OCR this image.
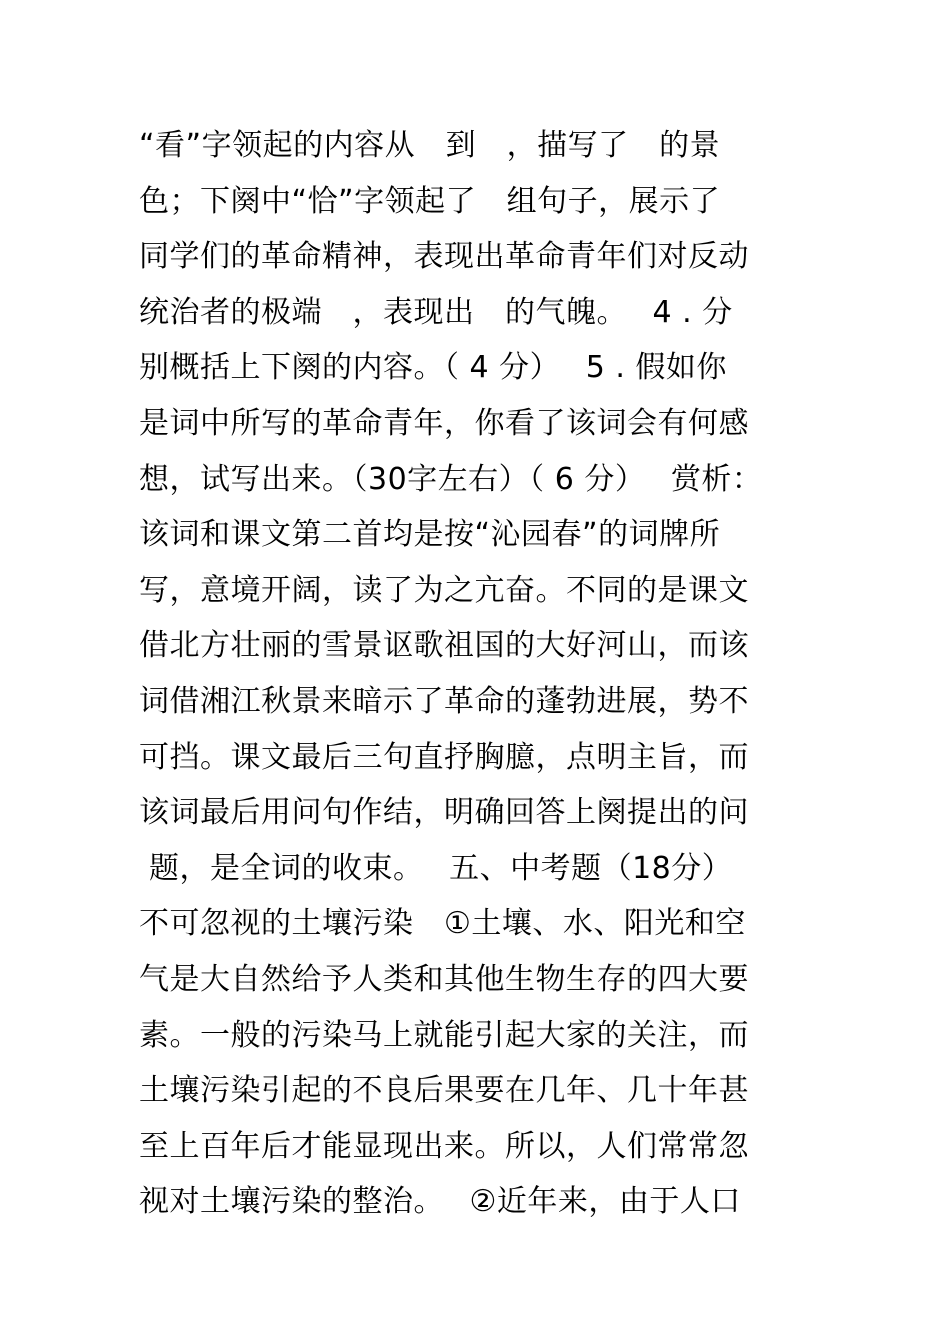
“看”字领起的内容从　到　，描写了　的景
色；下阕中“恰”字领起了　组句子，展示了
同学们的革命精神，表现出革命青年们对反动
统治者的极端　，表现出　的气魄。　 4 . 分
别概括上下阕的内容。（ 4 分）　 5 . 假如你
是词中所写的革命青年，你看了该词会有何感
想，试写出来。（30字左右）（ 6 分）　 赏析：
该词和课文第二首均是按“沁园春”的词牌所
写，意境开阔，读了为之亢奋。不同的是课文
借北方壮丽的雪景讴歌祖国的大好河山，而该
词借湘江秋景来暗示了革命的蓬勃进展，势不
可挡。课文最后三句直抒胸臆，点明主旨，而
该词最后用问句作结，明确回答上阕提出的问
题，是全词的收束。　 五、中考题（18分）
不可忽视的土壤污染　①土壤、水、阳光和空
气是大自然给予人类和其他生物生存的四大要
素。一般的污染马上就能引起大家的关注，而
土壤污染引起的不良后果要在几年、几十年甚
至上百年后才能显现出来。所以，人们常常忽
视对土壤污染的整治。　 ②近年来，由于人口
